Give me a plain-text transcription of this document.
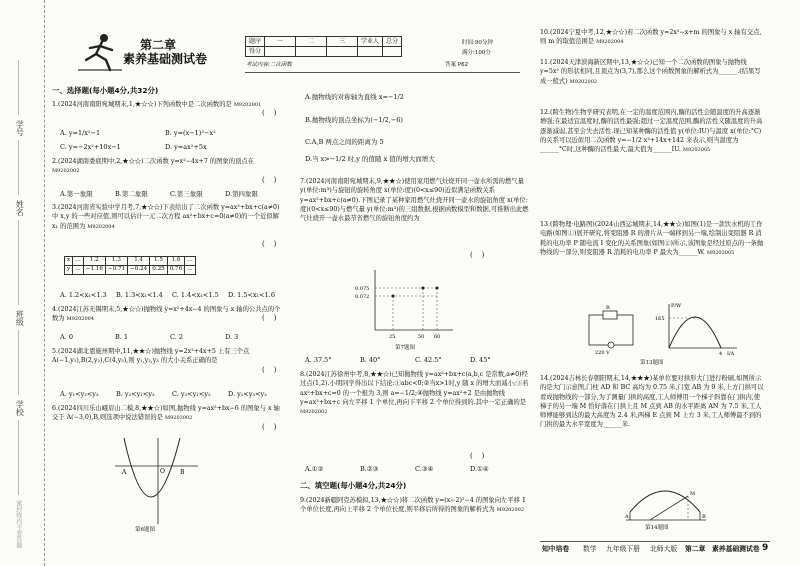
学号
姓名
班级
学校
密封线内不要答题
第二章
素养基础测试卷
题序	一	二	三	学业人	总分
得分					
时间:90分钟
满分:100分
考试内容:二次函数	答案 P62
一、选择题(每小题4分,共32分)
1.(2024河南南阳宛城期末,1,★☆☆)下列函数中是二次函数的是 M9202001
(    )
A. y=1/x²−1	B. y=(x−1)²−x²
C. y=−2x²+10x−1	D. y=ax²+5x
2.(2024湖南娄底期中,2,★☆☆)二次函数 y=x²−4x+7 的图象的顶点在 M9202002
(    )
A.第一象限	B.第二象限	C.第三象限	D.第四象限
3.(2024河南省实验中学月考,7,★☆☆)下表给出了二次函数 y=ax²+bx+c(a≠0)中 x,y 的一些对应值,则可以估计一元二次方程 ax²+bx+c=0(a≠0)的一个近似解 x₁ 的范围为 M9202004
(    )
x	…	1.2	1.3	1.4	1.5	1.6	…
y	…	−1.16	−0.71	−0.24	0.25	0.76	…
A. 1.2<x₁<1.3 B. 1.3<x₁<1.4 C. 1.4<x₁<1.5 D. 1.5<x₁<1.6
4.(2024江苏无锡期末,5,★☆☆)抛物线 y=x²+4x−4 的图象与 x 轴的公共点的个数为 M9202004	(    )
A. 0	B. 1	C. 2	D. 3
5.(2024湖北恩施州期中,11,★★☆)抛物线 y=2x²+4x+5 上有三个点 A(−1,y₁),B(2,y₂),C(4,y₃),则 y₁,y₂,y₃ 的大小关系正确的是
(    )
A. y₁<y₂<y₃	B. y₂<y₁<y₃	C. y₃<y₁<y₂	D. y₁<y₃<y₂
6.(2024四川乐山峨眉山二模,8,★★☆)如图,抛物线 y=ax²+bx−6 的图象与 x 轴交于 A(−3,0),B,则选项中说法错误的是 M9202002
(    )
A	B
O
第6题图
A.抛物线的对称轴为直线 x=−1/2
B.抛物线的顶点坐标为(−1/2,−6)
C.A,B 两点之间的距离为 5
D.当 x>−1/2 时,y 的值随 x 值的增大而增大
7.(2024河南南阳宛城期末,9,★★☆)使用家用燃气灶烧开同一壶水所需的燃气量 y(单位:m³)与旋钮的旋转角度 x(单位:度)(0<x≤90)近似满足函数关系 y=ax²+bx+c(a≠0).下图记录了某种家用燃气灶烧开同一壶水的旋钮角度 x(单位:度)(0<x≤90)与燃气量 y(单位:m³)的三组数据,根据函数模型和数据,可推断出此燃气灶烧开一壶水最节省燃气的旋钮角度约为
(    )
0.075
0.072
25	50 60
第7题图
A. 37.5°	B. 40°	C. 42.5°	D. 45°
8.(2024江苏徐州中考,8,★★☆)已知抛物线 y=ax²+bx+c(a,b,c 是常数,a≠0)经过点(1,2).小明同学得出以下结论:①abc<0;②当x>1时,y 随 x 的增大而减小;③若 ax²+bx+c=0 的一个根为 3,则 a=−1/2;④抛物线 y=ax²+2 是由抛物线 y=ax²+bx+c 向左平移 1 个单位,再向下平移 2 个单位得到的.其中一定正确的是 M9202002
(    )
A.①②	B.②③	C.③④	D.①④
二、填空题(每小题4分,共24分)
9.(2024新疆阿克苏模拟,13,★☆☆)将二次函数 y=(x−2)²−4 的图象向左平移 1 个单位长度,再向上平移 2 个单位长度,则平移后所得的图象的解析式为 M9202002
10.(2024宁夏中考,12,★☆☆)若二次函数 y=2x²−x+m 的图象与 x 轴有交点,则 m 的取值范围是 M9202004
11.(2024天津滨海新区期中,13,★☆☆)已知一个二次函数的图象与抛物线 y=5x² 的形状相同,且顶点为(3,7),那么这个函数图象的解析式为______.(结果写成一般式) M9202002
12.(跨生物)生物学研究表明,在一定的温度范围内,酶的活性会随温度的升高逐渐增强;在最适宜温度时,酶的活性最强;超过一定温度范围,酶的活性又随温度的升高逐渐减弱,甚至会失去活性.现已知某种酶的活性值 y(单位:IU)与温度 x(单位:°C)的关系可以近似用二次函数 y=−1/2 x²+14x+142 来表示,则当温度为______°C时,这种酶的活性最大,最大值为______IU. M9202005
13.(跨物理·电路图)(2024山西运城期末,14,★★☆)如图(1)是一款饮水机的工作电路(如图①)展开研究,将变阻器 R 的滑片从一端移到另一端,绘制出变阻器 R 消耗的电功率 P 随电流 I 变化的关系图象(如图②)所示,该图象是经过原点的一条抛物线的一部分,则变阻器 R 消耗的电功率 P 最大为______W. M9202005
R
220 V
P/W
165
4 I/A
第13题图
14.(2024吉林长春朝阳期末,14,★★★)某单位要对拱形大门进行粉刷,如图所示的是大门示意图,门柱 AD 和 BC 高均为 0.75 米,门宽 AB 为 9 米,上方门拱可以看成抛物线的一部分,为了测量门拱的高度,工人师傅用一个梯子斜靠在门拱内,使梯子的另一端 M 恰好落在门拱上且 M 点到 AB 的水平距离 AN 为 7.5 米,工人师傅能够到达的最大高度为 2.4 米,两梯 E 点到 M 上方 3 米,工人师傅最不到的门拱的最大水平宽度为______米.
M
A	B
第14题图
知中培卷 数学 九年级下册 北师大版 第二章 素养基础测试卷 9
